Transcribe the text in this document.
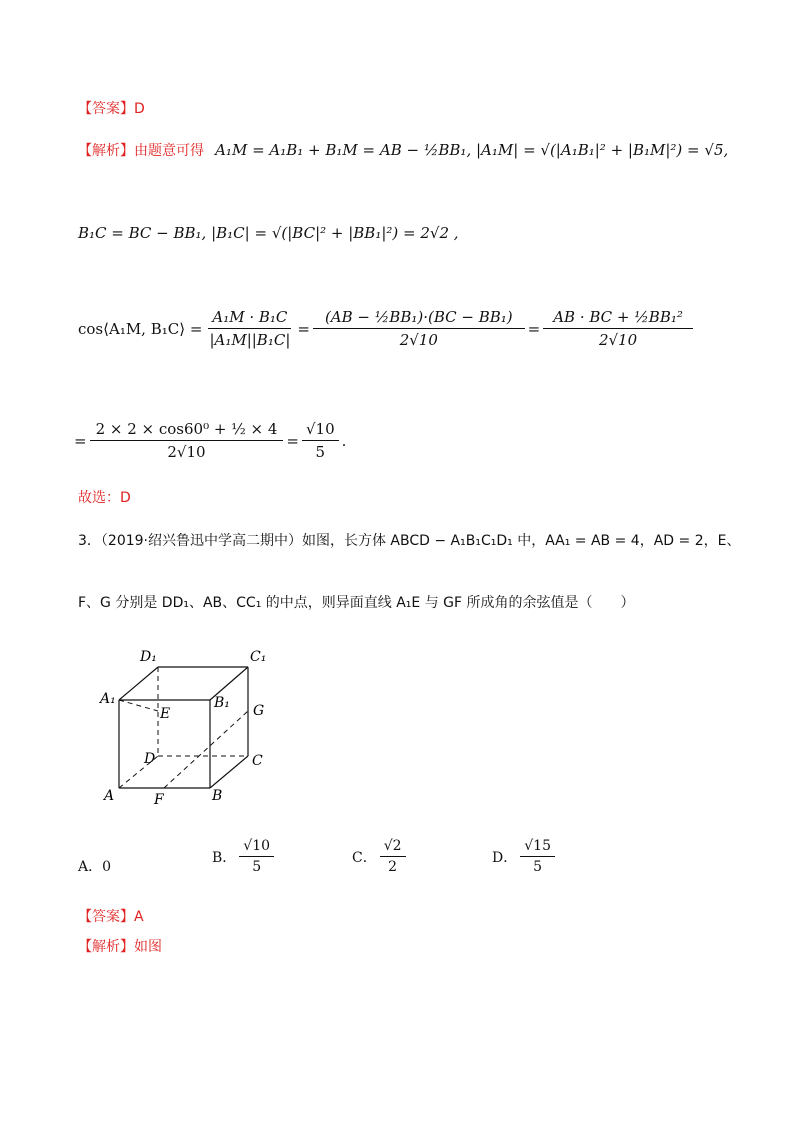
【答案】D
【解析】由题意可得 A₁M = A₁B₁ + B₁M = AB − ½BB₁, |A₁M| = √(|A₁B₁|² + |B₁M|²) = √5,
B₁C = BC − BB₁, |B₁C| = √(|BC|² + |BB₁|²) = 2√2 ,
cos⟨A₁M, B₁C⟩ = $\frac{\text{A₁M · B₁C}}{\text{|A₁M||B₁C|}} = \frac{\text{(AB − ½BB₁)·(BC − BB₁)}}{2√10} = \frac{\text{AB · BC + ½BB₁²}}{2√10}$
= $\frac{\text{2 × 2 × cos60⁰ + ½ × 4}}{2√10} = \frac{√10}{5}$ .
故选：D
3．（2019·绍兴鲁迅中学高二期中）如图，长方体 ABCD − A₁B₁C₁D₁ 中，AA₁ = AB = 4，AD = 2，E、
F、G 分别是 DD₁、AB、CC₁ 的中点，则异面直线 A₁E 与 GF 所成角的余弦值是（　　）
D₁	C₁
A₁	B₁
E	G
D	C
A	F	B
A．0
B． $\frac{√10}{5}$	C． $\frac{√2}{2}$	D． $\frac{√15}{5}$
【答案】A
【解析】如图
